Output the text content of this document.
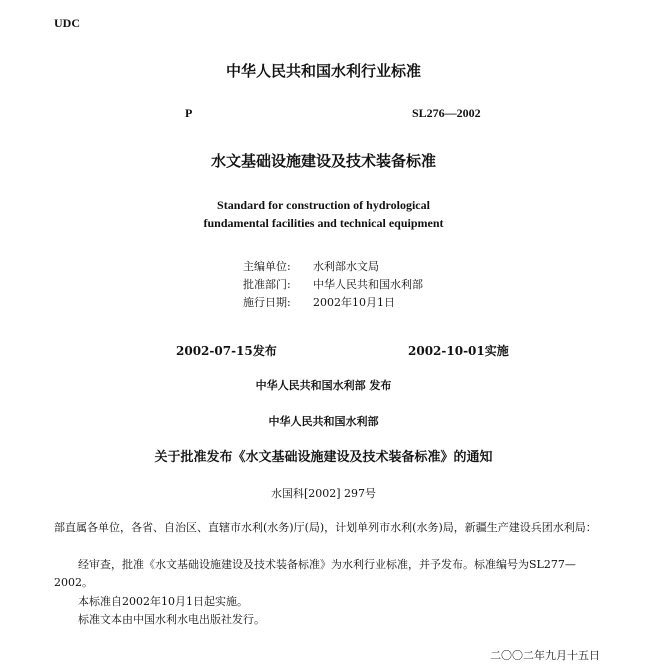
UDC
中华人民共和国水利行业标准
P	SL276—2002
水文基础设施建设及技术装备标准
Standard for construction of hydrological
fundamental facilities and technical equipment
主编单位: 水利部水文局
批准部门: 中华人民共和国水利部
施行日期: 2002年10月1日
2002-07-15发布	2002-10-01实施
中华人民共和国水利部 发布
中华人民共和国水利部
关于批准发布《水文基础设施建设及技术装备标准》的通知
水国科[2002] 297号
部直属各单位，各省、自治区、直辖市水利(水务)厅(局)，计划单列市水利(水务)局，新疆生产建设兵团水利局：
经审查，批准《水文基础设施建设及技术装备标准》为水利行业标准，并予发布。标准编号为SL277—2002。
本标准自2002年10月1日起实施。
标准文本由中国水利水电出版社发行。
二〇〇二年九月十五日
